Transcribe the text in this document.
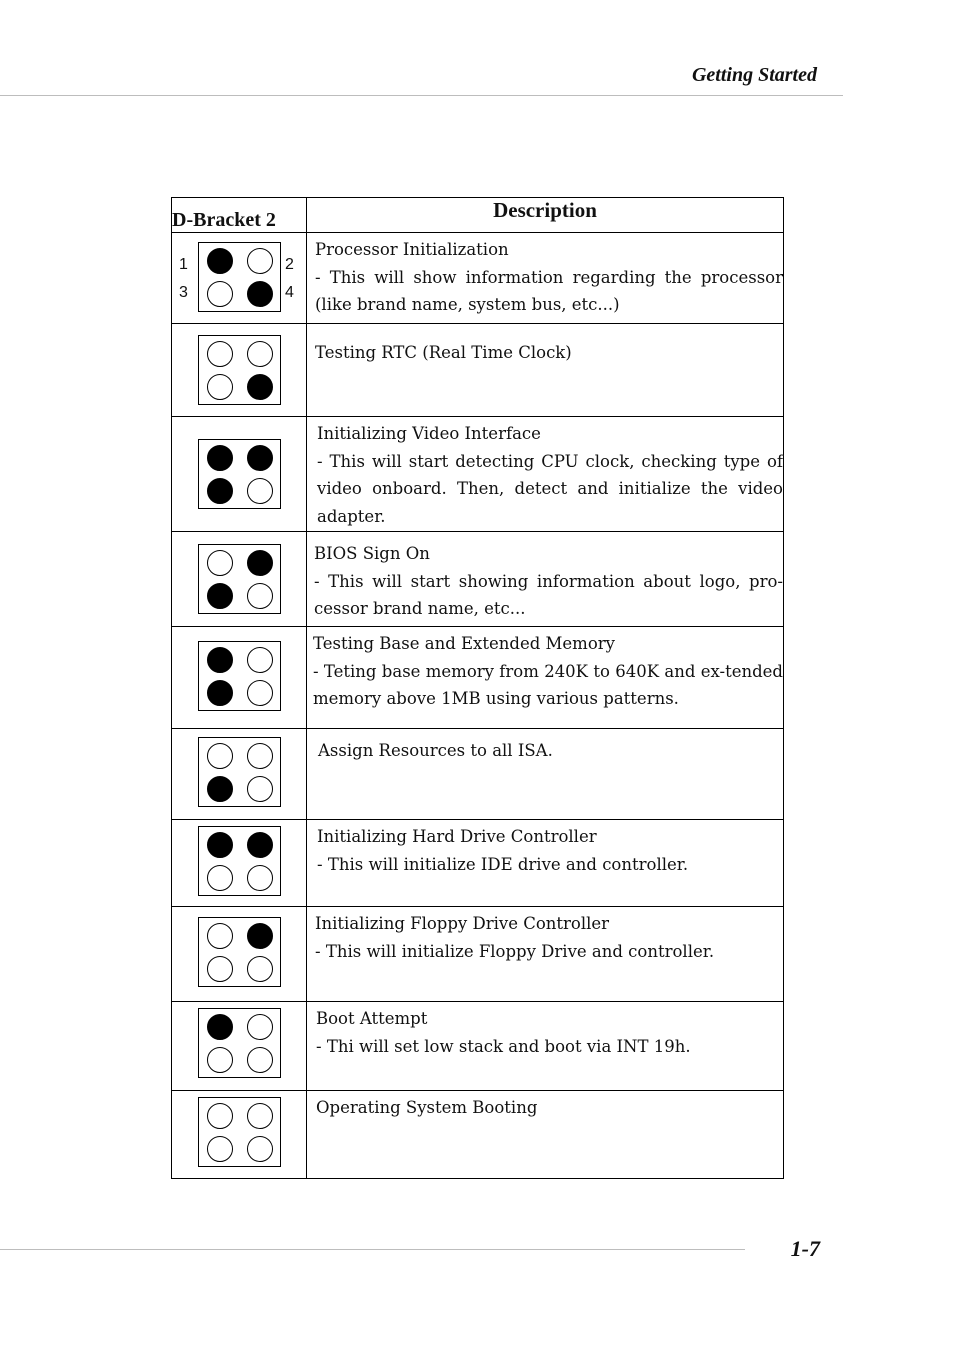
Getting Started
D-Bracket 2	Description

1 2
3 4	Processor Initialization
- This will show information regarding the processor (like brand name, system bus, etc...)

	Testing RTC (Real Time Clock)

	Initializing Video Interface
- This will start detecting CPU clock, checking type of video onboard. Then, detect and initialize the video adapter.

	BIOS Sign On
- This will start showing information about logo, pro-cessor brand name, etc...

	Testing Base and Extended Memory
- Teting base memory from 240K to 640K and ex-tended memory above 1MB using various patterns.

	Assign Resources to all ISA.

	Initializing Hard Drive Controller
- This will initialize IDE drive and controller.

	Initializing Floppy Drive Controller
- This will initialize Floppy Drive and controller.

	Boot Attempt
- Thi will set low stack and boot via INT 19h.

	Operating System Booting
1-7
